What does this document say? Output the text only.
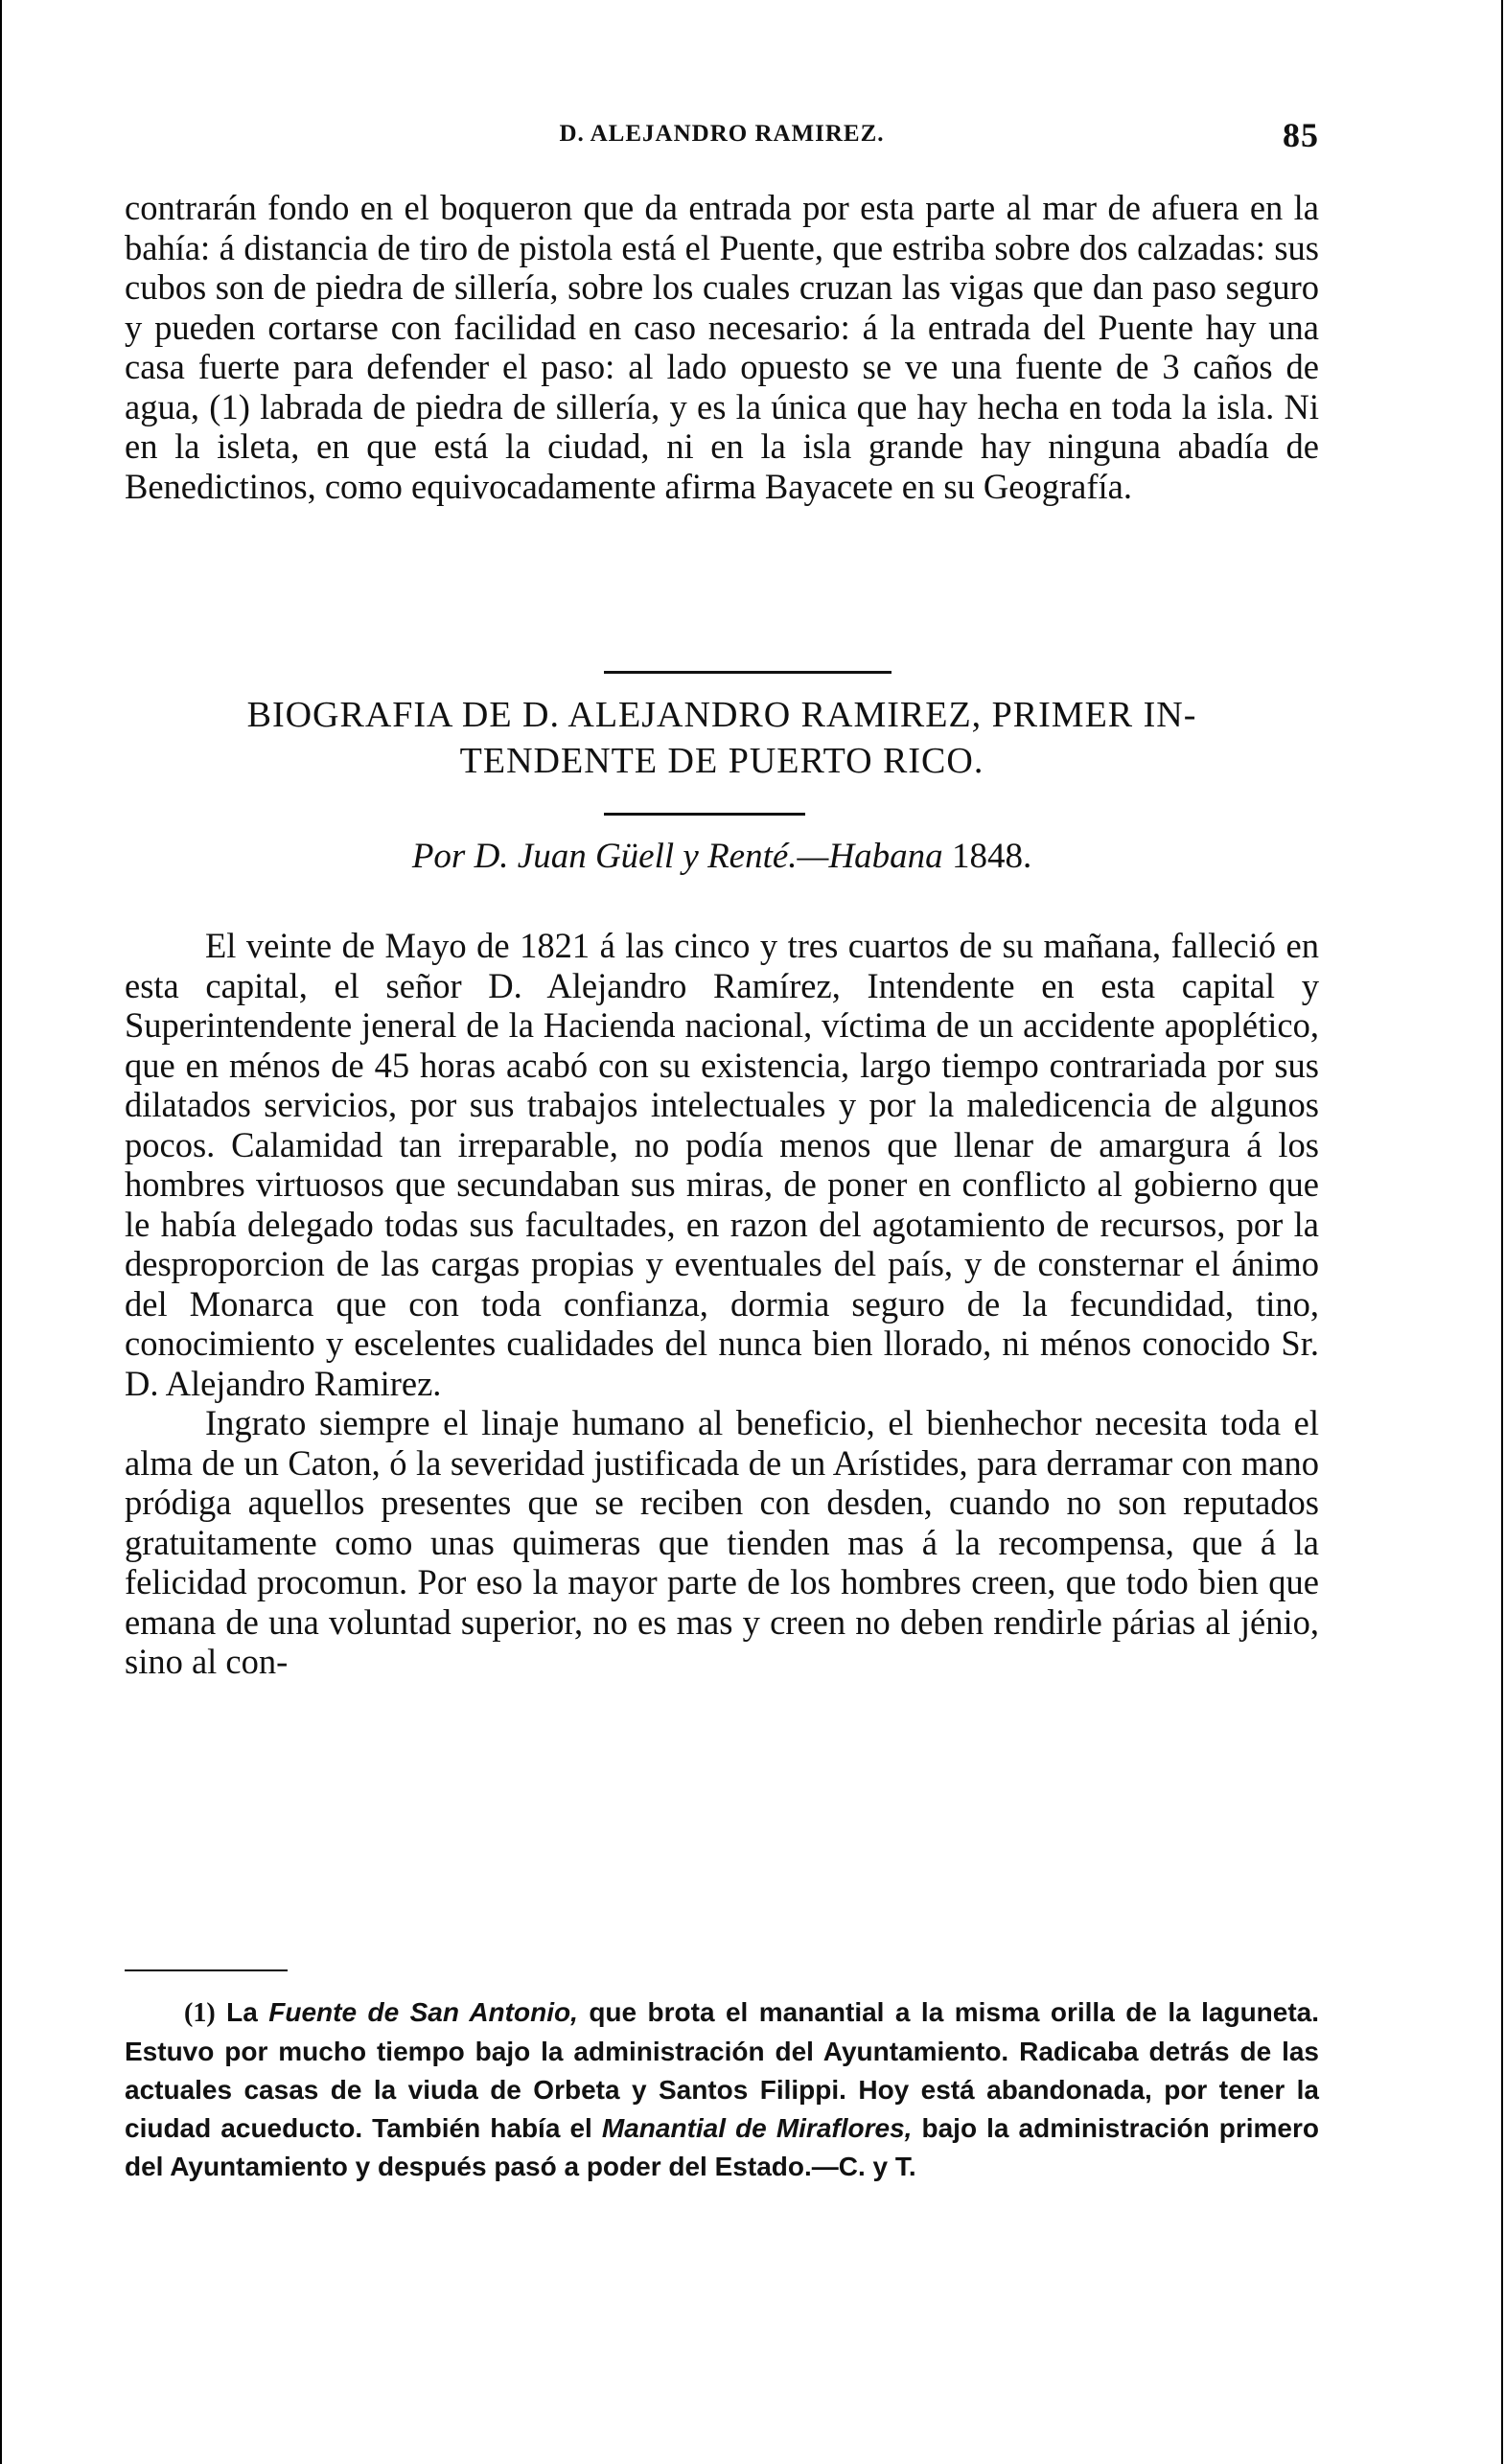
D. ALEJANDRO RAMIREZ.	85

contrarán fondo en el boqueron que da entrada por esta parte al mar de afuera en la bahía: á distancia de tiro de pistola está el Puente, que estriba sobre dos calzadas: sus cubos son de piedra de sillería, sobre los cuales cruzan las vigas que dan paso seguro y pueden cortarse con facilidad en caso necesario: á la entrada del Puente hay una casa fuerte para defender el paso: al lado opuesto se ve una fuente de 3 caños de agua, (1) labrada de piedra de sillería, y es la única que hay hecha en toda la isla. Ni en la isleta, en que está la ciudad, ni en la isla grande hay ninguna abadía de Benedictinos, como equivocadamente afirma Bayacete en su Geografía.

BIOGRAFIA DE D. ALEJANDRO RAMIREZ, PRIMER IN-
TENDENTE DE PUERTO RICO.
Por D. Juan Güell y Renté.—Habana 1848.

El veinte de Mayo de 1821 á las cinco y tres cuartos de su mañana, falleció en esta capital, el señor D. Alejandro Ramírez, Intendente en esta capital y Superintendente jeneral de la Hacienda nacional, víctima de un accidente apoplético, que en ménos de 45 horas acabó con su existencia, largo tiempo contrariada por sus dilatados servicios, por sus trabajos intelectuales y por la maledicencia de algunos pocos. Calamidad tan irreparable, no podía menos que llenar de amargura á los hombres virtuosos que secundaban sus miras, de poner en conflicto al gobierno que le había delegado todas sus facultades, en razon del agotamiento de recursos, por la desproporcion de las cargas propias y eventuales del país, y de consternar el ánimo del Monarca que con toda confianza, dormia seguro de la fecundidad, tino, conocimiento y escelentes cualidades del nunca bien llorado, ni ménos conocido Sr. D. Alejandro Ramirez.

Ingrato siempre el linaje humano al beneficio, el bienhechor necesita toda el alma de un Caton, ó la severidad justificada de un Arístides, para derramar con mano pródiga aquellos presentes que se reciben con desden, cuando no son reputados gratuitamente como unas quimeras que tienden mas á la recompensa, que á la felicidad procomun. Por eso la mayor parte de los hombres creen, que todo bien que emana de una voluntad superior, no es mas y creen no deben rendirle párias al jénio, sino al con-

(1) La Fuente de San Antonio, que brota el manantial a la misma orilla de la laguneta. Estuvo por mucho tiempo bajo la administración del Ayuntamiento. Radicaba detrás de las actuales casas de la viuda de Orbeta y Santos Filippi. Hoy está abandonada, por tener la ciudad acueducto. También había el Manantial de Miraflores, bajo la administración primero del Ayuntamiento y después pasó a poder del Estado.—C. y T.
